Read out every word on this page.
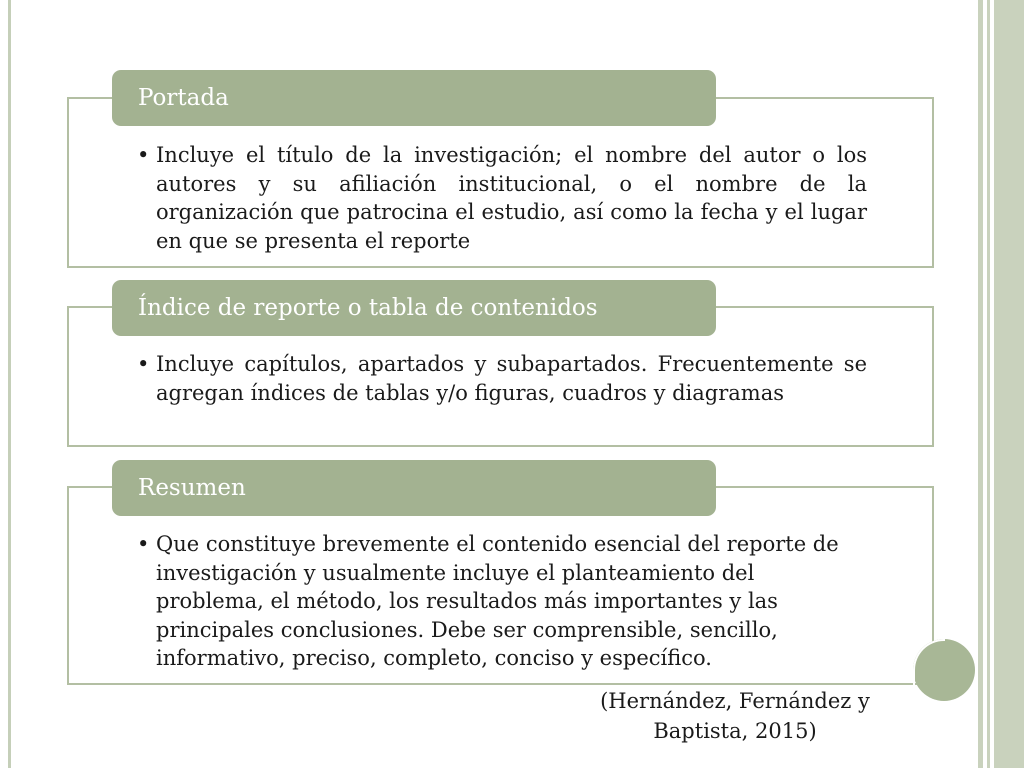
Portada
• Incluye el título de la investigación; el nombre del autor o los autores y su afiliación institucional, o el nombre de la organización que patrocina el estudio, así como la fecha y el lugar en que se presenta el reporte
Índice de reporte o tabla de contenidos
• Incluye capítulos, apartados y subapartados. Frecuentemente se agregan índices de tablas y/o figuras, cuadros y diagramas
Resumen
• Que constituye brevemente el contenido esencial del reporte de investigación y usualmente incluye el planteamiento del problema, el método, los resultados más importantes y las principales conclusiones. Debe ser comprensible, sencillo, informativo, preciso, completo, conciso y específico.
(Hernández, Fernández y
Baptista, 2015)
